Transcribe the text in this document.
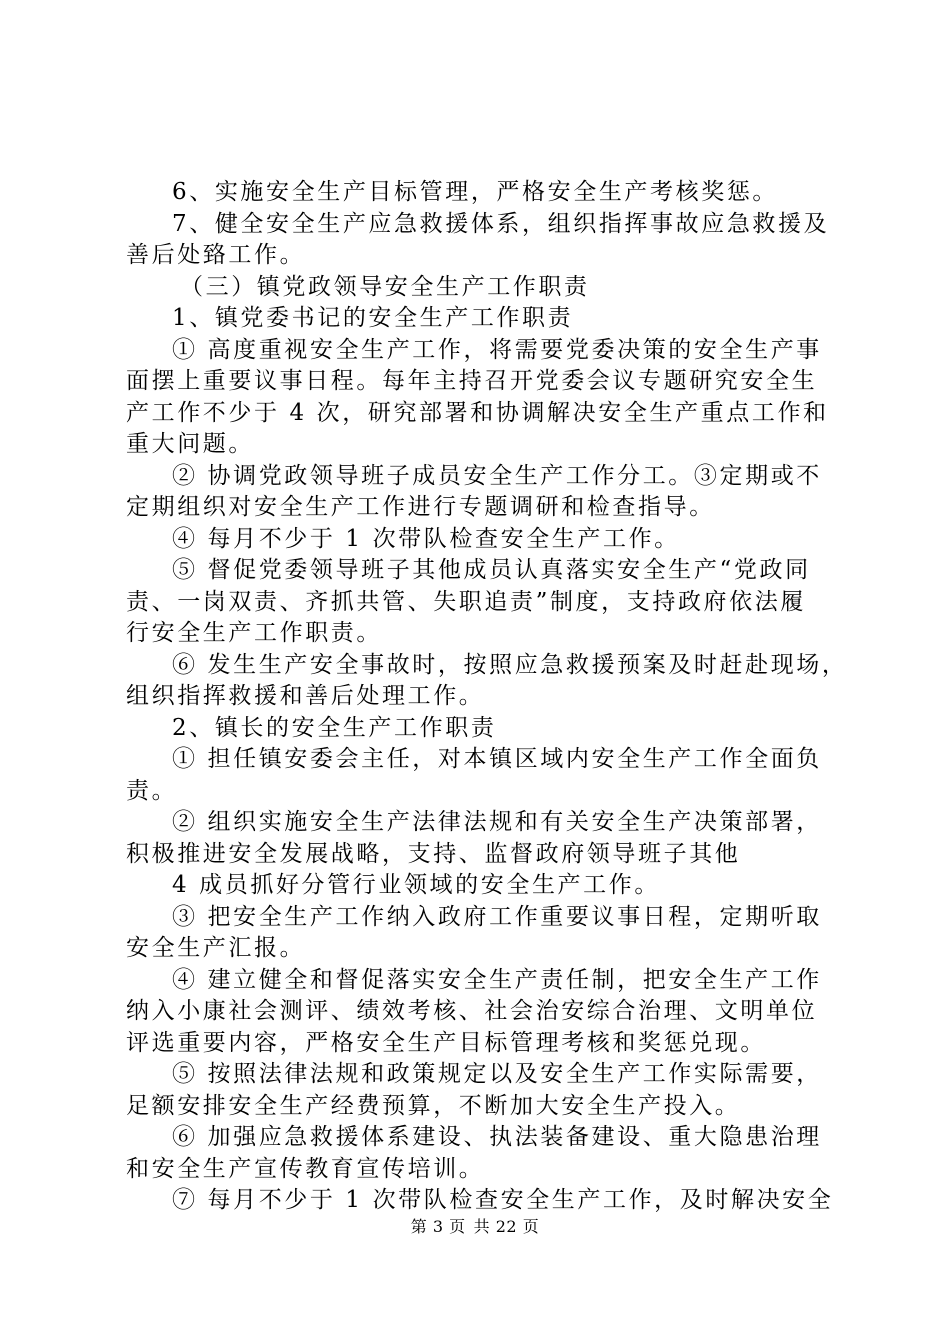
6、实施安全生产目标管理，严格安全生产考核奖惩。
7、健全安全生产应急救援体系，组织指挥事故应急救援及
善后处臵工作。
（三）镇党政领导安全生产工作职责
1、镇党委书记的安全生产工作职责
① 高度重视安全生产工作，将需要党委决策的安全生产事
面摆上重要议事日程。每年主持召开党委会议专题研究安全生
产工作不少于 4 次，研究部署和协调解决安全生产重点工作和
重大问题。
② 协调党政领导班子成员安全生产工作分工。③定期或不
定期组织对安全生产工作进行专题调研和检查指导。
④ 每月不少于 1 次带队检查安全生产工作。
⑤ 督促党委领导班子其他成员认真落实安全生产“党政同
责、一岗双责、齐抓共管、失职追责”制度，支持政府依法履
行安全生产工作职责。
⑥ 发生生产安全事故时，按照应急救援预案及时赶赴现场，
组织指挥救援和善后处理工作。
2、镇长的安全生产工作职责
① 担任镇安委会主任，对本镇区域内安全生产工作全面负
责。
② 组织实施安全生产法律法规和有关安全生产决策部署，
积极推进安全发展战略，支持、监督政府领导班子其他
4 成员抓好分管行业领域的安全生产工作。
③ 把安全生产工作纳入政府工作重要议事日程，定期听取
安全生产汇报。
④ 建立健全和督促落实安全生产责任制，把安全生产工作
纳入小康社会测评、绩效考核、社会治安综合治理、文明单位
评选重要内容，严格安全生产目标管理考核和奖惩兑现。
⑤ 按照法律法规和政策规定以及安全生产工作实际需要，
足额安排安全生产经费预算，不断加大安全生产投入。
⑥ 加强应急救援体系建设、执法装备建设、重大隐患治理
和安全生产宣传教育宣传培训。
⑦ 每月不少于 1 次带队检查安全生产工作，及时解决安全
第 3 页 共 22 页
